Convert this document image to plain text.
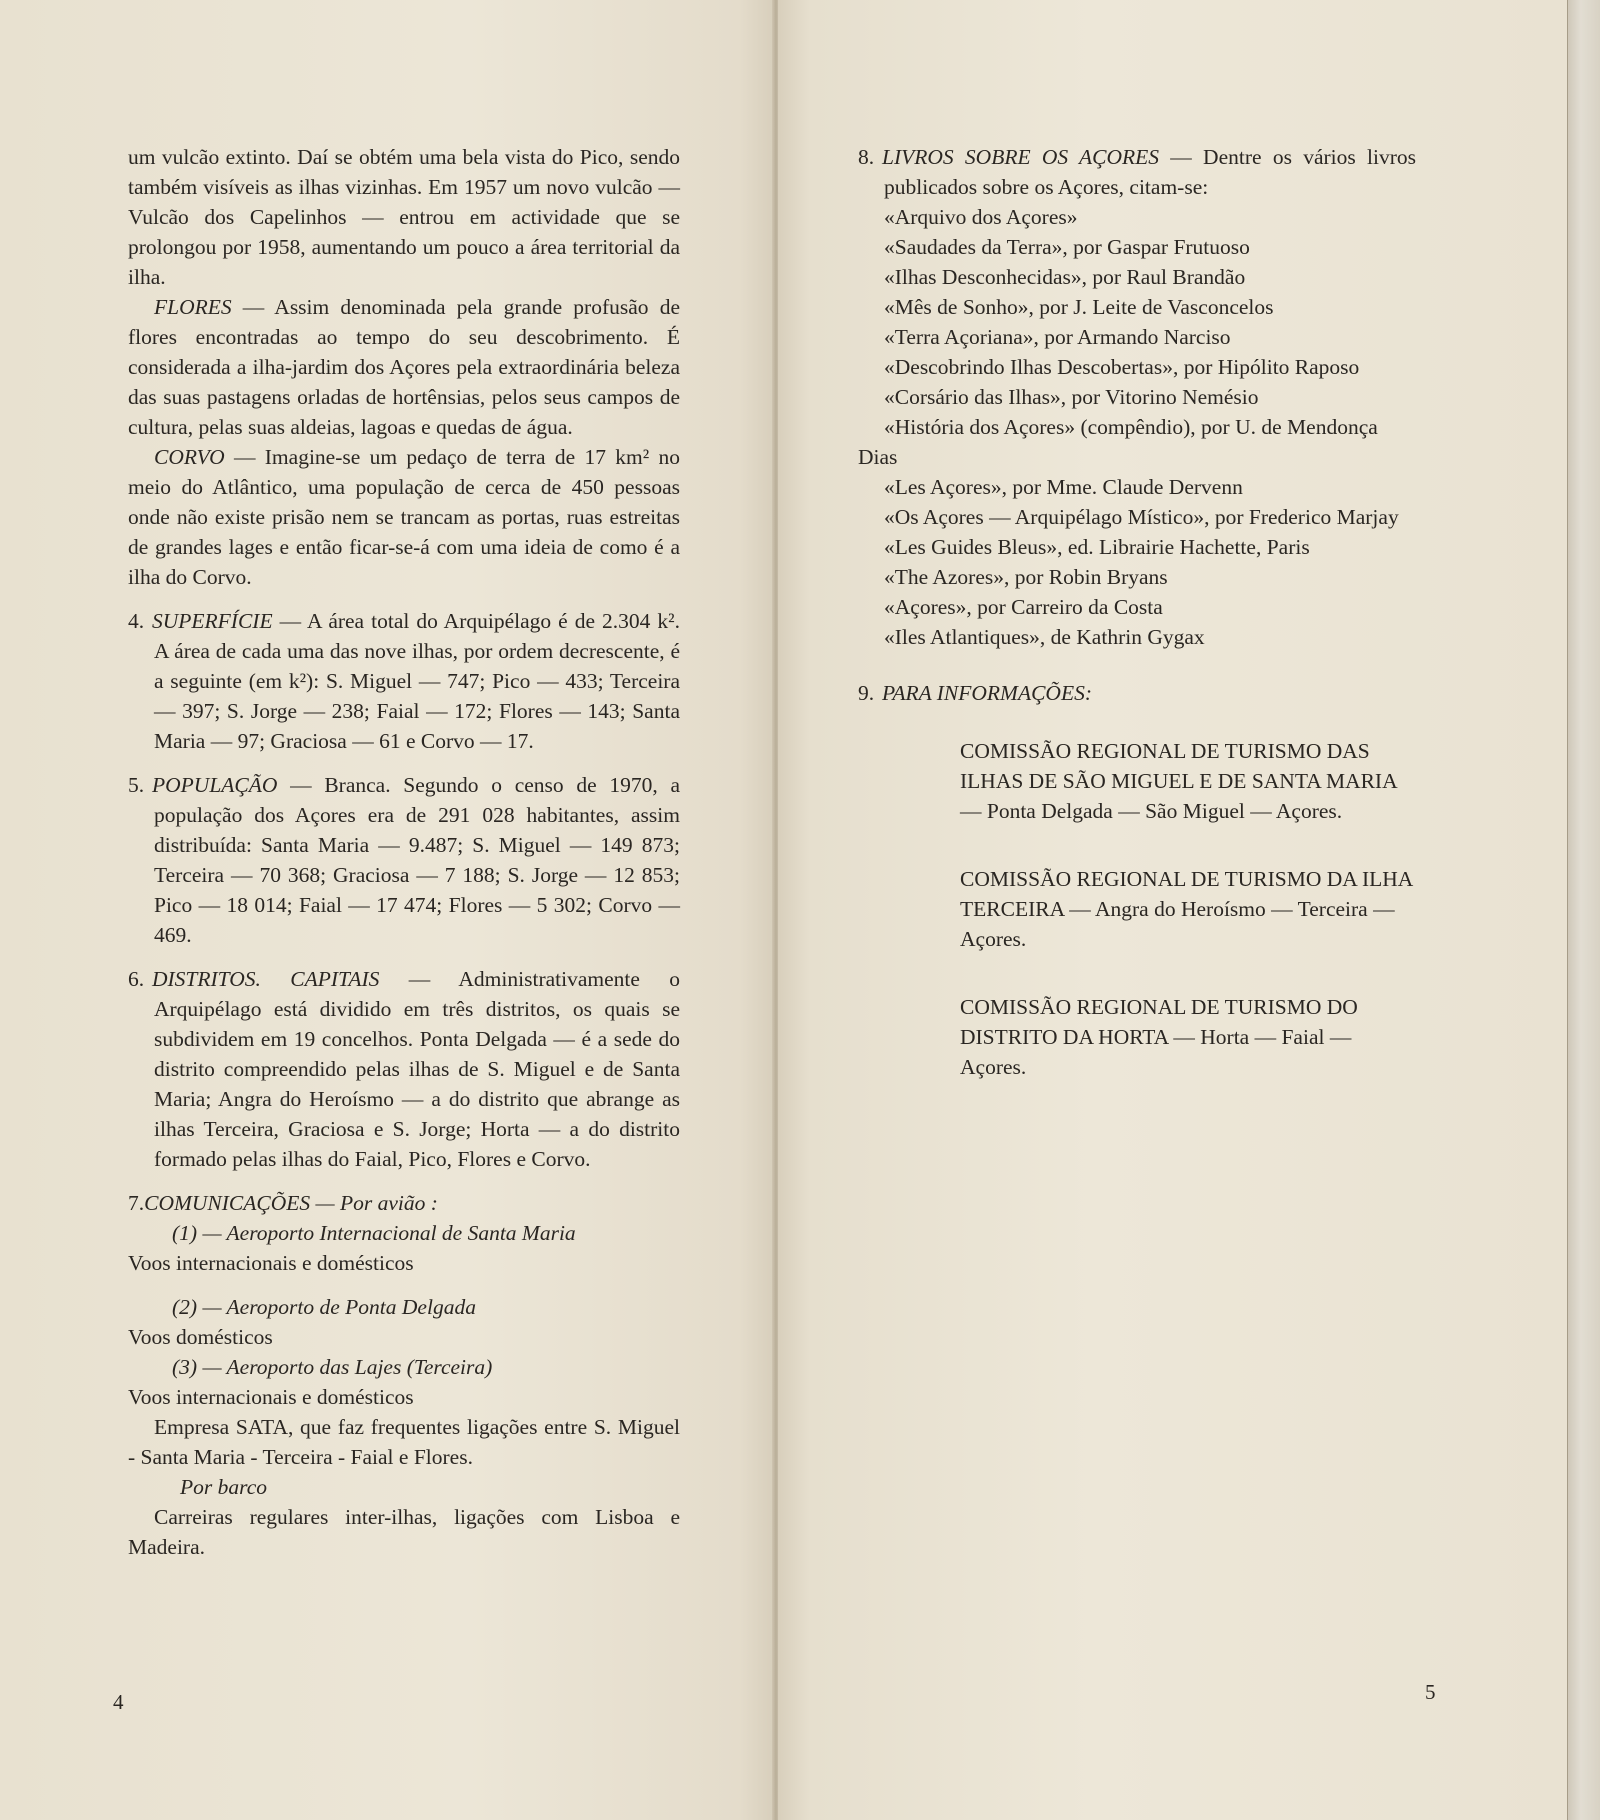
um vulcão extinto. Daí se obtém uma bela vista do Pico, sendo também visíveis as ilhas vizinhas. Em 1957 um novo vulcão — Vulcão dos Capelinhos — entrou em actividade que se prolongou por 1958, aumentando um pouco a área territorial da ilha.

FLORES — Assim denominada pela grande profusão de flores encontradas ao tempo do seu descobrimento. É considerada a ilha-jardim dos Açores pela extraordinária beleza das suas pastagens orladas de hortênsias, pelos seus campos de cultura, pelas suas aldeias, lagoas e quedas de água.

CORVO — Imagine-se um pedaço de terra de 17 km² no meio do Atlântico, uma população de cerca de 450 pessoas onde não existe prisão nem se trancam as portas, ruas estreitas de grandes lages e então ficar-se-á com uma ideia de como é a ilha do Corvo.

4. SUPERFÍCIE — A área total do Arquipélago é de 2.304 k². A área de cada uma das nove ilhas, por ordem decrescente, é a seguinte (em k²): S. Miguel — 747; Pico — 433; Terceira — 397; S. Jorge — 238; Faial — 172; Flores — 143; Santa Maria — 97; Graciosa — 61 e Corvo — 17.

5. POPULAÇÃO — Branca. Segundo o censo de 1970, a população dos Açores era de 291 028 habitantes, assim distribuída: Santa Maria — 9.487; S. Miguel — 149 873; Terceira — 70 368; Graciosa — 7 188; S. Jorge — 12 853; Pico — 18 014; Faial — 17 474; Flores — 5 302; Corvo — 469.

6. DISTRITOS. CAPITAIS — Administrativamente o Arquipélago está dividido em três distritos, os quais se subdividem em 19 concelhos. Ponta Delgada — é a sede do distrito compreendido pelas ilhas de S. Miguel e de Santa Maria; Angra do Heroísmo — a do distrito que abrange as ilhas Terceira, Graciosa e S. Jorge; Horta — a do distrito formado pelas ilhas do Faial, Pico, Flores e Corvo.

7.COMUNICAÇÕES — Por avião :

(1) — Aeroporto Internacional de Santa Maria

Voos internacionais e domésticos

(2) — Aeroporto de Ponta Delgada

Voos domésticos

(3) — Aeroporto das Lajes (Terceira)

Voos internacionais e domésticos

Empresa SATA, que faz frequentes ligações entre S. Miguel - Santa Maria - Terceira - Faial e Flores.

Por barco

Carreiras regulares inter-ilhas, ligações com Lisboa e Madeira.

4

8. LIVROS SOBRE OS AÇORES — Dentre os vários livros publicados sobre os Açores, citam-se:

«Arquivo dos Açores»

«Saudades da Terra», por Gaspar Frutuoso

«Ilhas Desconhecidas», por Raul Brandão

«Mês de Sonho», por J. Leite de Vasconcelos

«Terra Açoriana», por Armando Narciso

«Descobrindo Ilhas Descobertas», por Hipólito Raposo

«Corsário das Ilhas», por Vitorino Nemésio

«História dos Açores» (compêndio), por U. de Mendonça Dias

«Les Açores», por Mme. Claude Dervenn

«Os Açores — Arquipélago Místico», por Frederico Marjay

«Les Guides Bleus», ed. Librairie Hachette, Paris

«The Azores», por Robin Bryans

«Açores», por Carreiro da Costa

«Iles Atlantiques», de Kathrin Gygax

9. PARA INFORMAÇÕES:

COMISSÃO REGIONAL DE TURISMO DAS ILHAS DE SÃO MIGUEL E DE SANTA MARIA — Ponta Delgada — São Miguel — Açores.

COMISSÃO REGIONAL DE TURISMO DA ILHA TERCEIRA — Angra do Heroísmo — Terceira — Açores.

COMISSÃO REGIONAL DE TURISMO DO DISTRITO DA HORTA — Horta — Faial — Açores.

5
